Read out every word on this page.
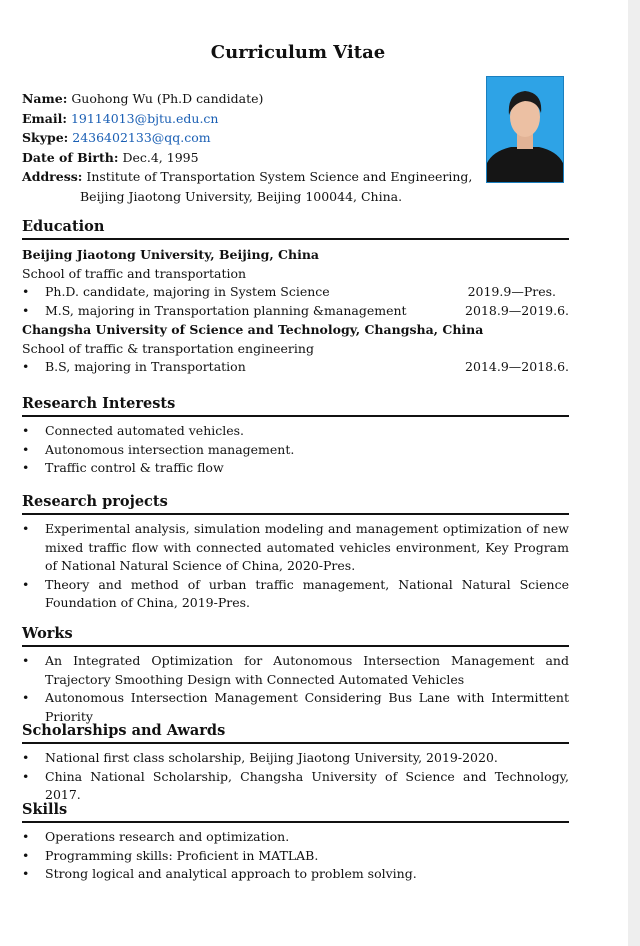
Curriculum Vitae
Name: Guohong Wu (Ph.D candidate)
Email: 19114013@bjtu.edu.cn
Skype: 2436402133@qq.com
Date of Birth: Dec.4, 1995
Address: Institute of Transportation System Science and Engineering,
Beijing Jiaotong University, Beijing 100044, China.
Education
Beijing Jiaotong University, Beijing, China
School of traffic and transportation
• Ph.D. candidate, majoring in System Science	2019.9—Pres.
• M.S, majoring in Transportation planning &management	2018.9—2019.6.
Changsha University of Science and Technology, Changsha, China
School of traffic & transportation engineering
• B.S, majoring in Transportation	2014.9—2018.6.
Research Interests
• Connected automated vehicles.
• Autonomous intersection management.
• Traffic control & traffic flow
Research projects
• Experimental analysis, simulation modeling and management optimization of new mixed traffic flow with connected automated vehicles environment, Key Program of National Natural Science of China, 2020-Pres.
• Theory and method of urban traffic management, National Natural Science Foundation of China, 2019-Pres.
Works
• An Integrated Optimization for Autonomous Intersection Management and Trajectory Smoothing Design with Connected Automated Vehicles
• Autonomous Intersection Management Considering Bus Lane with Intermittent Priority
Scholarships and Awards
• National first class scholarship, Beijing Jiaotong University, 2019-2020.
• China National Scholarship, Changsha University of Science and Technology, 2017.
Skills
• Operations research and optimization.
• Programming skills: Proficient in MATLAB.
• Strong logical and analytical approach to problem solving.
